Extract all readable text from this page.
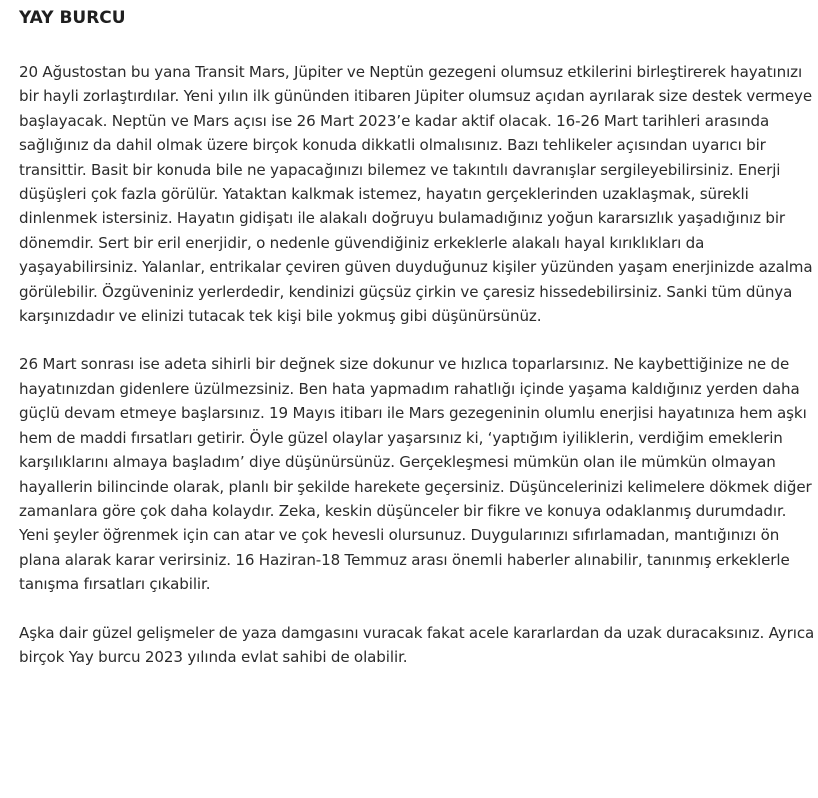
YAY BURCU

20 Ağustostan bu yana Transit Mars, Jüpiter ve Neptün gezegeni olumsuz etkilerini birleştirerek hayatınızı bir hayli zorlaştırdılar. Yeni yılın ilk gününden itibaren Jüpiter olumsuz açıdan ayrılarak size destek vermeye başlayacak. Neptün ve Mars açısı ise 26 Mart 2023’e kadar aktif olacak. 16-26 Mart tarihleri arasında sağlığınız da dahil olmak üzere birçok konuda dikkatli olmalısınız. Bazı tehlikeler açısından uyarıcı bir transittir. Basit bir konuda bile ne yapacağınızı bilemez ve takıntılı davranışlar sergileyebilirsiniz. Enerji düşüşleri çok fazla görülür. Yataktan kalkmak istemez, hayatın gerçeklerinden uzaklaşmak, sürekli dinlenmek istersiniz. Hayatın gidişatı ile alakalı doğruyu bulamadığınız yoğun kararsızlık yaşadığınız bir dönemdir. Sert bir eril enerjidir, o nedenle güvendiğiniz erkeklerle alakalı hayal kırıklıkları da yaşayabilirsiniz. Yalanlar, entrikalar çeviren güven duyduğunuz kişiler yüzünden yaşam enerjinizde azalma görülebilir. Özgüveniniz yerlerdedir, kendinizi güçsüz çirkin ve çaresiz hissedebilirsiniz. Sanki tüm dünya karşınızdadır ve elinizi tutacak tek kişi bile yokmuş gibi düşünürsünüz.

26 Mart sonrası ise adeta sihirli bir değnek size dokunur ve hızlıca toparlarsınız. Ne kaybettiğinize ne de hayatınızdan gidenlere üzülmezsiniz. Ben hata yapmadım rahatlığı içinde yaşama kaldığınız yerden daha güçlü devam etmeye başlarsınız. 19 Mayıs itibarı ile Mars gezegeninin olumlu enerjisi hayatınıza hem aşkı hem de maddi fırsatları getirir. Öyle güzel olaylar yaşarsınız ki, ‘yaptığım iyiliklerin, verdiğim emeklerin karşılıklarını almaya başladım’ diye düşünürsünüz. Gerçekleşmesi mümkün olan ile mümkün olmayan hayallerin bilincinde olarak, planlı bir şekilde harekete geçersiniz. Düşüncelerinizi kelimelere dökmek diğer zamanlara göre çok daha kolaydır. Zeka, keskin düşünceler bir fikre ve konuya odaklanmış durumdadır. Yeni şeyler öğrenmek için can atar ve çok hevesli olursunuz. Duygularınızı sıfırlamadan, mantığınızı ön plana alarak karar verirsiniz. 16 Haziran-18 Temmuz arası önemli haberler alınabilir, tanınmış erkeklerle tanışma fırsatları çıkabilir.

Aşka dair güzel gelişmeler de yaza damgasını vuracak fakat acele kararlardan da uzak duracaksınız. Ayrıca birçok Yay burcu 2023 yılında evlat sahibi de olabilir.
